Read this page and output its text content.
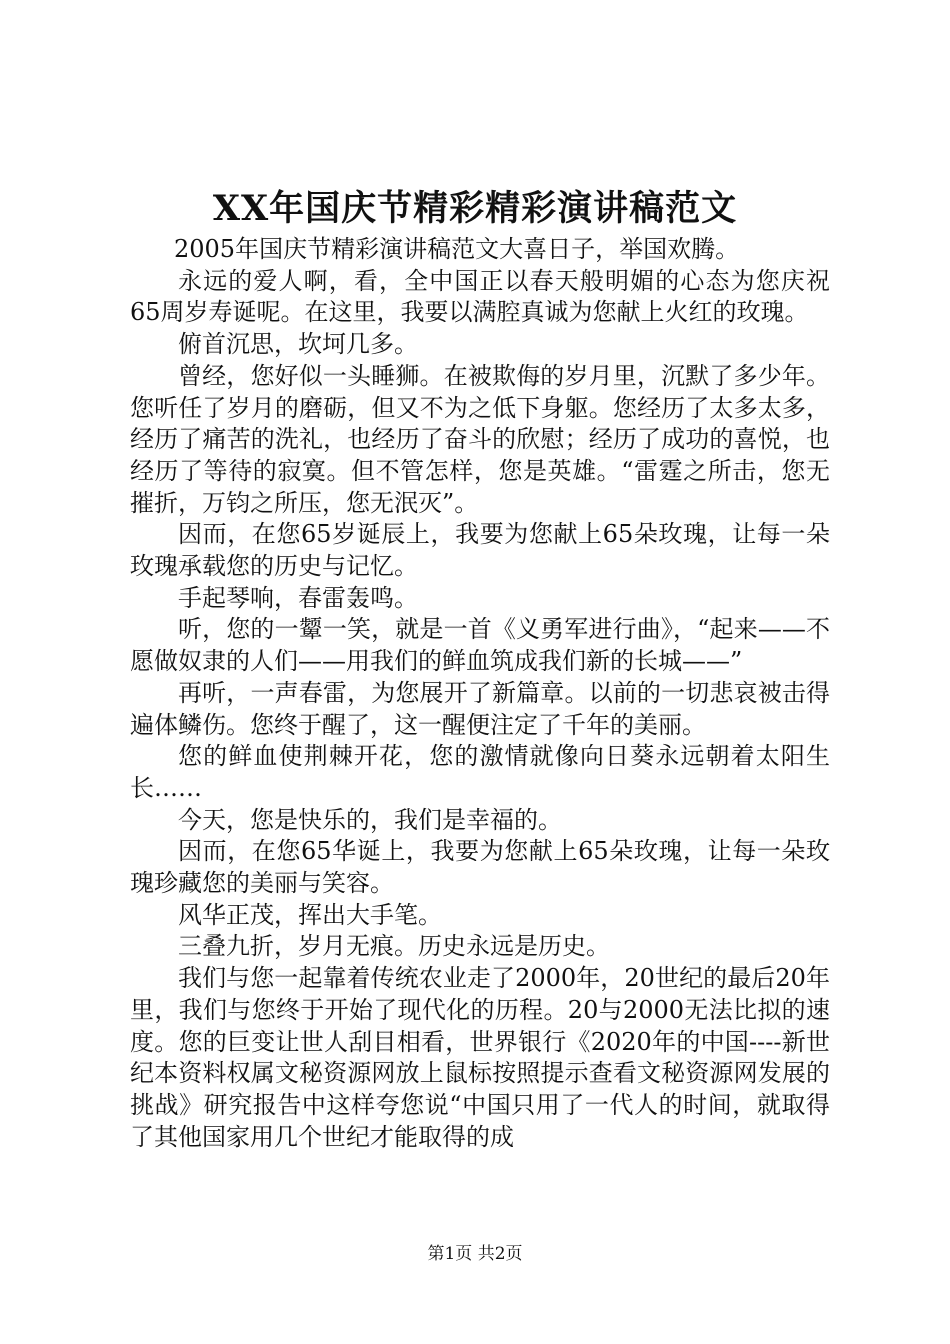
XX年国庆节精彩精彩演讲稿范文

2005年国庆节精彩演讲稿范文大喜日子，举国欢腾。

永远的爱人啊，看，全中国正以春天般明媚的心态为您庆祝65周岁寿诞呢。在这里，我要以满腔真诚为您献上火红的玫瑰。

俯首沉思，坎坷几多。

曾经，您好似一头睡狮。在被欺侮的岁月里，沉默了多少年。您听任了岁月的磨砺，但又不为之低下身躯。您经历了太多太多，经历了痛苦的洗礼，也经历了奋斗的欣慰；经历了成功的喜悦，也经历了等待的寂寞。但不管怎样，您是英雄。“雷霆之所击，您无摧折，万钧之所压，您无泯灭”。

因而，在您65岁诞辰上，我要为您献上65朵玫瑰，让每一朵玫瑰承载您的历史与记忆。

手起琴响，春雷轰鸣。

听，您的一颦一笑，就是一首《义勇军进行曲》，“起来——不愿做奴隶的人们——用我们的鲜血筑成我们新的长城——”

再听，一声春雷，为您展开了新篇章。以前的一切悲哀被击得遍体鳞伤。您终于醒了，这一醒便注定了千年的美丽。

您的鲜血使荆棘开花，您的激情就像向日葵永远朝着太阳生长……

今天，您是快乐的，我们是幸福的。

因而，在您65华诞上，我要为您献上65朵玫瑰，让每一朵玫瑰珍藏您的美丽与笑容。

风华正茂，挥出大手笔。

三叠九折，岁月无痕。历史永远是历史。

我们与您一起靠着传统农业走了2000年，20世纪的最后20年里，我们与您终于开始了现代化的历程。20与2000无法比拟的速度。您的巨变让世人刮目相看，世界银行《2020年的中国----新世纪本资料权属文秘资源网放上鼠标按照提示查看文秘资源网发展的挑战》研究报告中这样夸您说“中国只用了一代人的时间，就取得了其他国家用几个世纪才能取得的成

第1页 共2页
